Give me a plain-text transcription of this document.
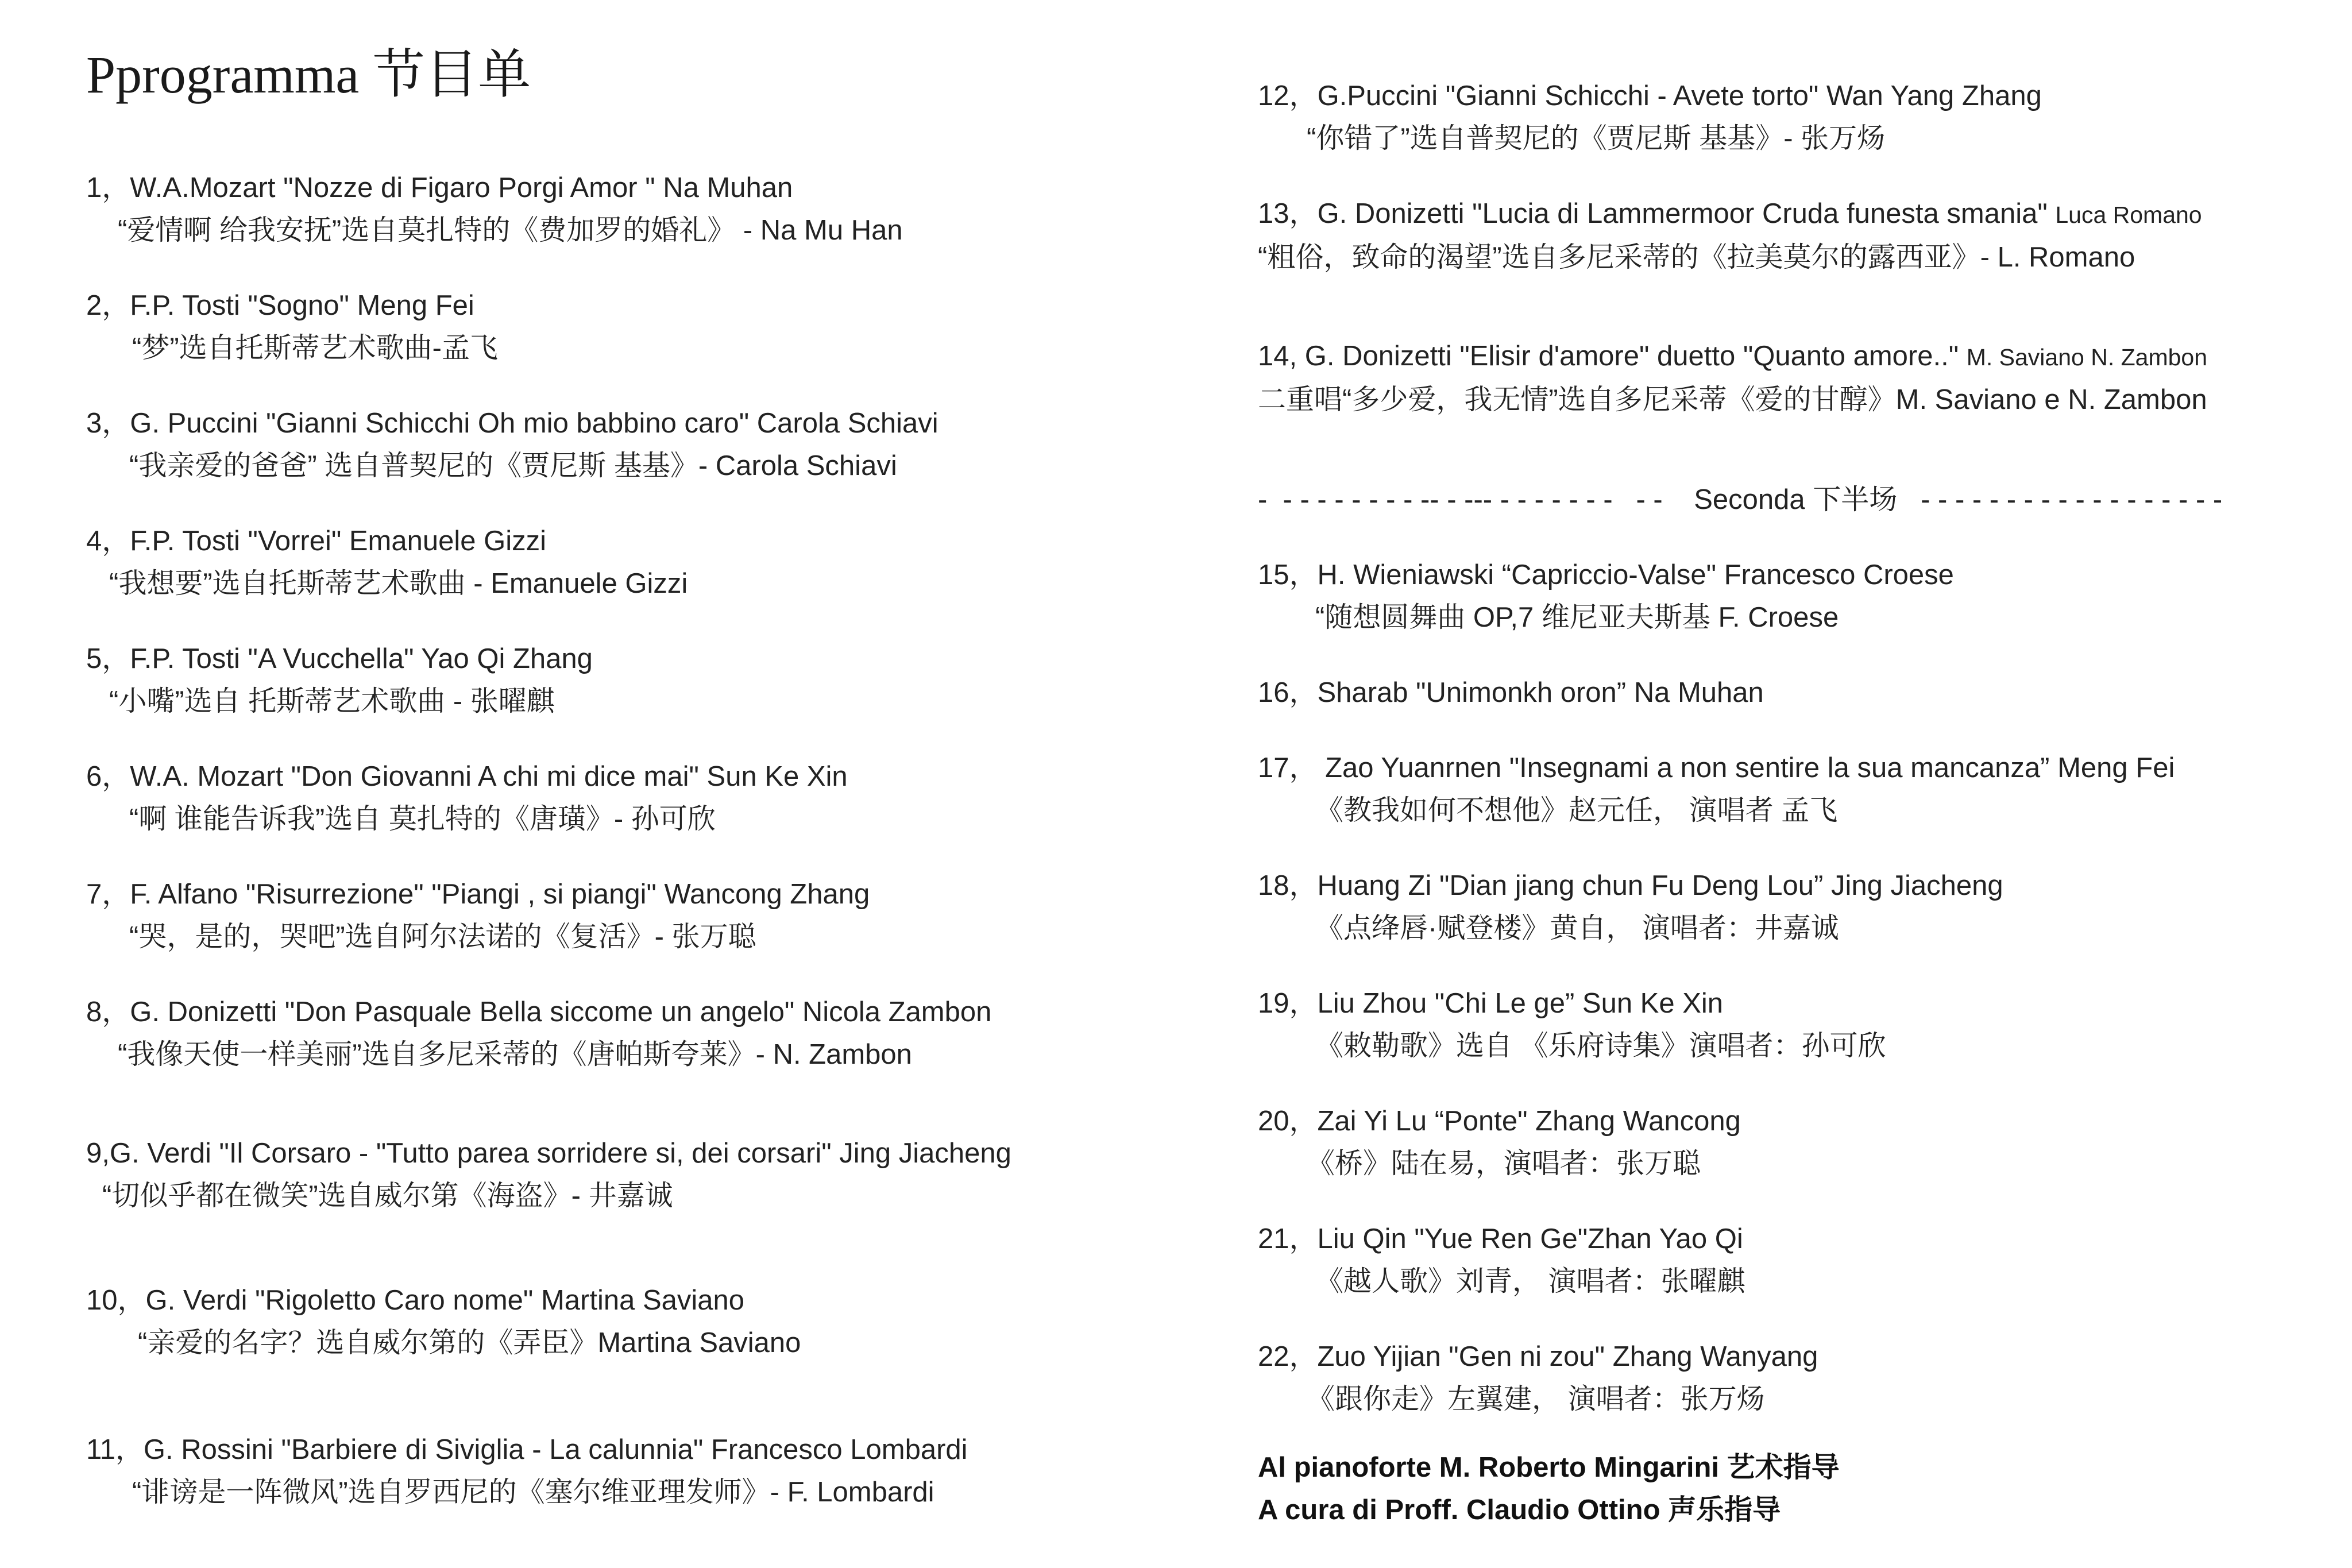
Pprogramma 节目单
1，W.A.Mozart "Nozze di Figaro Porgi Amor " Na Muhan
“爱情啊 给我安抚”选自莫扎特的《费加罗的婚礼》 - Na Mu Han
2，F.P. Tosti "Sogno" Meng Fei
“梦”选自托斯蒂艺术歌曲-孟飞
3，G. Puccini "Gianni Schicchi Oh mio babbino caro" Carola Schiavi
“我亲爱的爸爸” 选自普契尼的《贾尼斯 基基》- Carola Schiavi
4，F.P. Tosti "Vorrei" Emanuele Gizzi
“我想要”选自托斯蒂艺术歌曲 - Emanuele Gizzi
5，F.P. Tosti "A Vucchella" Yao Qi Zhang
“小嘴”选自 托斯蒂艺术歌曲 - 张曜麒
6，W.A. Mozart "Don Giovanni A chi mi dice mai" Sun Ke Xin
“啊 谁能告诉我”选自 莫扎特的《唐璜》- 孙可欣
7，F. Alfano "Risurrezione" "Piangi , si piangi" Wancong Zhang
“哭，是的，哭吧”选自阿尔法诺的《复活》- 张万聪
8，G. Donizetti "Don Pasquale Bella siccome un angelo" Nicola Zambon
“我像天使一样美丽”选自多尼采蒂的《唐帕斯夸莱》- N. Zambon
9,G. Verdi "Il Corsaro - "Tutto parea sorridere si, dei corsari" Jing Jiacheng
“切似乎都在微笑”选自威尔第《海盗》- 井嘉诚
10，G. Verdi "Rigoletto Caro nome" Martina Saviano
“亲爱的名字？选自威尔第的《弄臣》Martina Saviano
11，G. Rossini "Barbiere di Siviglia - La calunnia" Francesco Lombardi
“诽谤是一阵微风”选自罗西尼的《塞尔维亚理发师》- F. Lombardi
12，G.Puccini "Gianni Schicchi - Avete torto" Wan Yang Zhang
“你错了”选自普契尼的《贾尼斯 基基》- 张万炀
13，G. Donizetti "Lucia di Lammermoor Cruda funesta smania" Luca Romano
“粗俗，致命的渴望”选自多尼采蒂的《拉美莫尔的露西亚》- L. Romano
14, G. Donizetti "Elisir d'amore" duetto "Quanto amore.." M. Saviano N. Zambon
二重唱“多少爱，我无情”选自多尼采蒂《爱的甘醇》M. Saviano e N. Zambon
-  - - - - - - - - -- - --- - - - - - - -   - -    Seconda 下半场   - - - - - - - - - - - - - - - - - -
15，H. Wieniawski “Capriccio-Valse" Francesco Croese
“随想圆舞曲 OP,7 维尼亚夫斯基 F. Croese
16，Sharab "Unimonkh oron” Na Muhan
17， Zao Yuanrnen "Insegnami a non sentire la sua mancanza” Meng Fei
《教我如何不想他》赵元任， 演唱者 孟飞
18，Huang Zi "Dian jiang chun Fu Deng Lou” Jing Jiacheng
《点绛唇·赋登楼》黄自， 演唱者：井嘉诚
19，Liu Zhou "Chi Le ge” Sun Ke Xin
《敕勒歌》选自 《乐府诗集》演唱者：孙可欣
20，Zai Yi Lu “Ponte" Zhang Wancong
《桥》陆在易，演唱者：张万聪
21，Liu Qin "Yue Ren Ge"Zhan Yao Qi
《越人歌》刘青， 演唱者：张曜麒
22，Zuo Yijian "Gen ni zou" Zhang Wanyang
《跟你走》左翼建， 演唱者：张万炀
Al pianoforte M. Roberto Mingarini 艺术指导
A cura di Proff. Claudio Ottino 声乐指导
